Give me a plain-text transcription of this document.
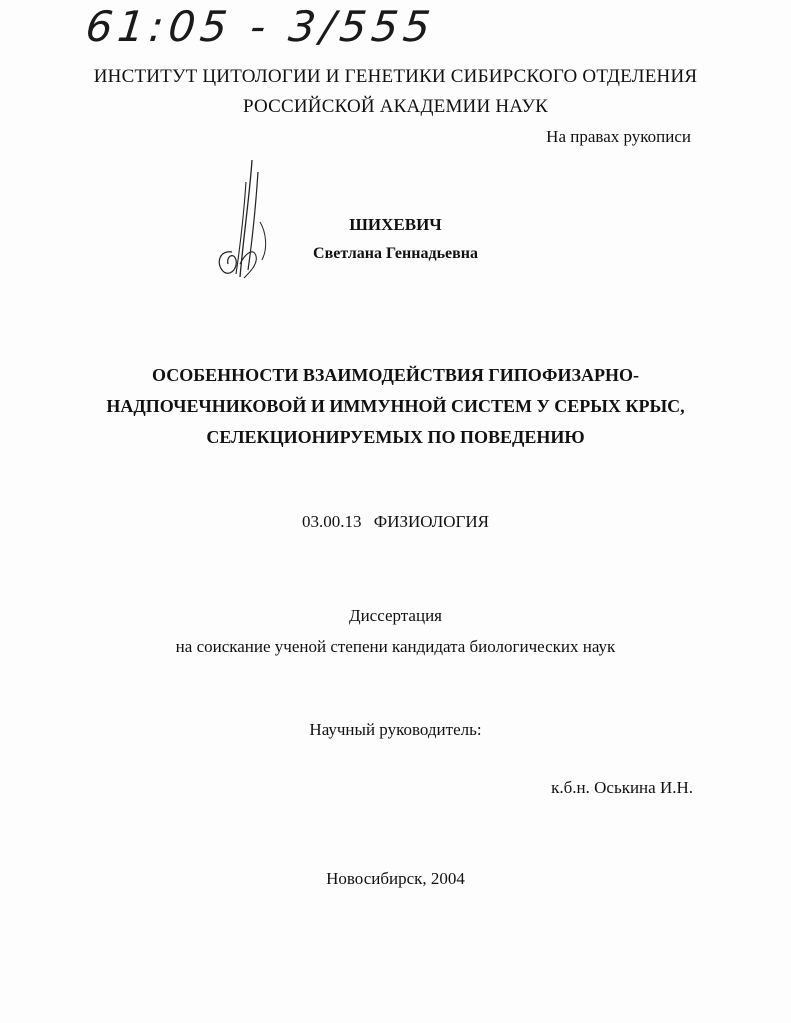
61:05 - 3/555
ИНСТИТУТ ЦИТОЛОГИИ И ГЕНЕТИКИ СИБИРСКОГО ОТДЕЛЕНИЯ
РОССИЙСКОЙ АКАДЕМИИ НАУК
На правах рукописи
ШИХЕВИЧ
Светлана Геннадьевна
ОСОБЕННОСТИ ВЗАИМОДЕЙСТВИЯ ГИПОФИЗАРНО-
НАДПОЧЕЧНИКОВОЙ И ИММУННОЙ СИСТЕМ У СЕРЫХ КРЫС,
СЕЛЕКЦИОНИРУЕМЫХ ПО ПОВЕДЕНИЮ
03.00.13 ФИЗИОЛОГИЯ
Диссертация
на соискание ученой степени кандидата биологических наук
Научный руководитель:
к.б.н. Оськина И.Н.
Новосибирск, 2004
